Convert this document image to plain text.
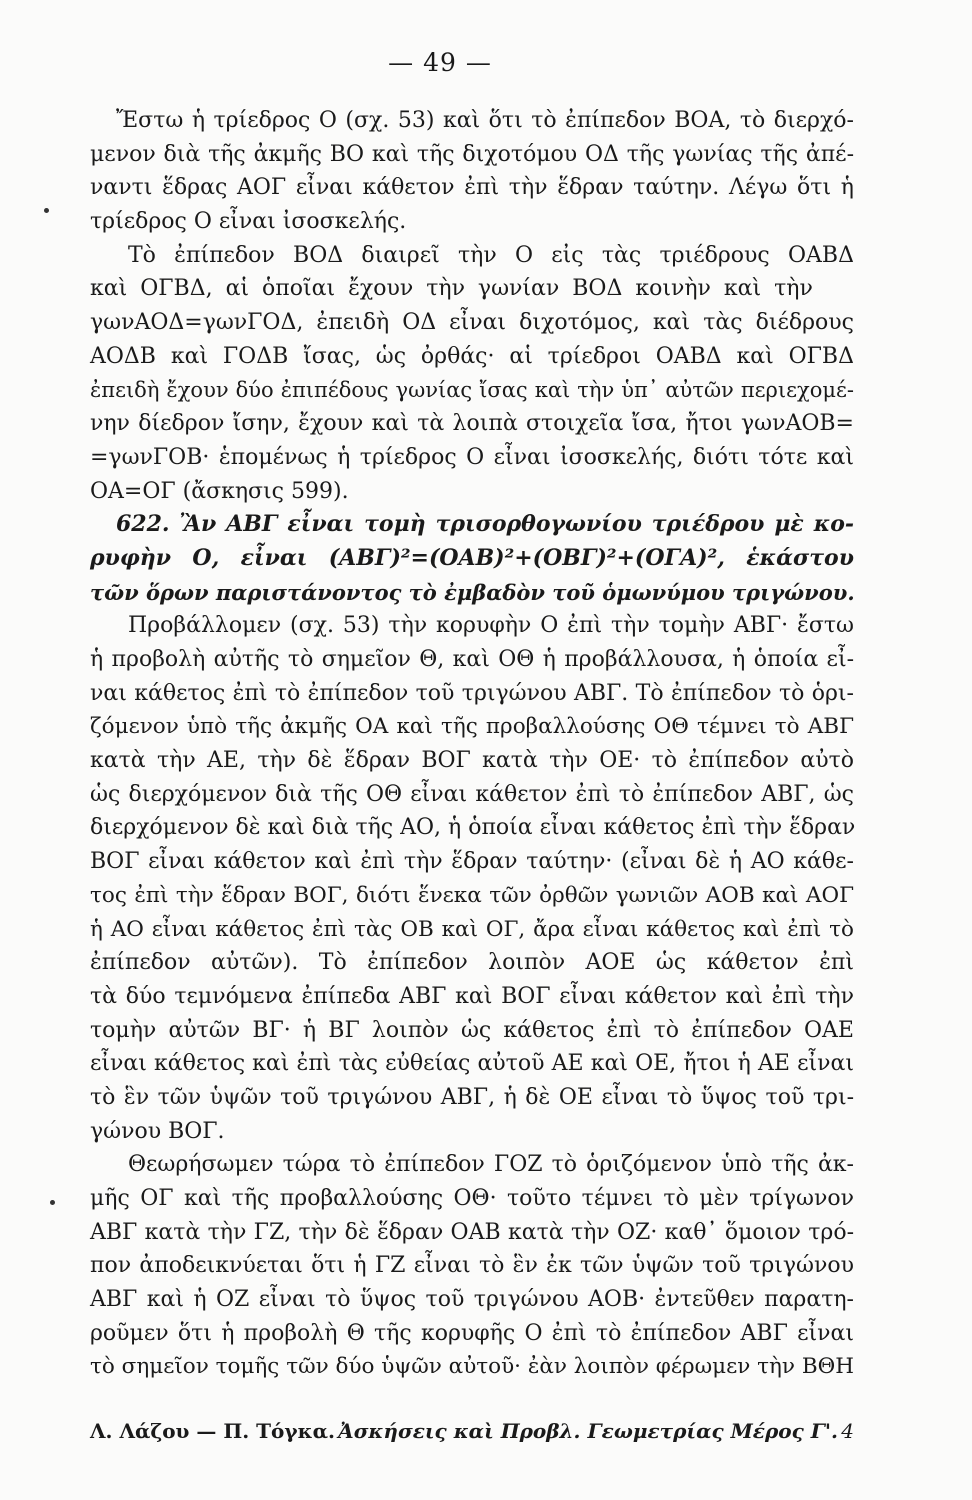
— 49 —
Ἔστω ἡ τρίεδρος Ο (σχ. 53) καὶ ὅτι τὸ ἐπίπεδον ΒΟΑ, τὸ διερχό-
μενον διὰ τῆς ἀκμῆς ΒΟ καὶ τῆς διχοτόμου ΟΔ τῆς γωνίας τῆς ἀπέ-
ναντι ἕδρας ΑΟΓ εἶναι κάθετον ἐπὶ τὴν ἕδραν ταύτην. Λέγω ὅτι ἡ
τρίεδρος Ο εἶναι ἰσοσκελής.
Τὸ ἐπίπεδον ΒΟΔ διαιρεῖ τὴν Ο εἰς τὰς τριέδρους ΟΑΒΔ
καὶ ΟΓΒΔ, αἱ ὁποῖαι ἔχουν τὴν γωνίαν ΒΟΔ κοινὴν καὶ τὴν
γωνΑΟΔ=γωνΓΟΔ, ἐπειδὴ ΟΔ εἶναι διχοτόμος, καὶ τὰς διέδρους
ΑΟΔΒ καὶ ΓΟΔΒ ἴσας, ὡς ὀρθάς· αἱ τρίεδροι ΟΑΒΔ καὶ ΟΓΒΔ
ἐπειδὴ ἔχουν δύο ἐπιπέδους γωνίας ἴσας καὶ τὴν ὑπ᾽ αὐτῶν περιεχομέ-
νην δίεδρον ἴσην, ἔχουν καὶ τὰ λοιπὰ στοιχεῖα ἴσα, ἤτοι γωνΑΟΒ=
=γωνΓΟΒ· ἑπομένως ἡ τρίεδρος Ο εἶναι ἰσοσκελής, διότι τότε καὶ
ΟΑ=ΟΓ (ἄσκησις 599).
622. Ἂν ΑΒΓ εἶναι τομὴ τρισορθογωνίου τριέδρου μὲ κο-
ρυφὴν Ο, εἶναι (ΑΒΓ)²=(ΟΑΒ)²+(ΟΒΓ)²+(ΟΓΑ)², ἑκάστου
τῶν ὅρων παριστάνοντος τὸ ἐμβαδὸν τοῦ ὁμωνύμου τριγώνου.
Προβάλλομεν (σχ. 53) τὴν κορυφὴν Ο ἐπὶ τὴν τομὴν ΑΒΓ· ἔστω
ἡ προβολὴ αὐτῆς τὸ σημεῖον Θ, καὶ ΟΘ ἡ προβάλλουσα, ἡ ὁποία εἶ-
ναι κάθετος ἐπὶ τὸ ἐπίπεδον τοῦ τριγώνου ΑΒΓ. Τὸ ἐπίπεδον τὸ ὁρι-
ζόμενον ὑπὸ τῆς ἀκμῆς ΟΑ καὶ τῆς προβαλλούσης ΟΘ τέμνει τὸ ΑΒΓ
κατὰ τὴν ΑΕ, τὴν δὲ ἕδραν ΒΟΓ κατὰ τὴν ΟΕ· τὸ ἐπίπεδον αὐτὸ
ὡς διερχόμενον διὰ τῆς ΟΘ εἶναι κάθετον ἐπὶ τὸ ἐπίπεδον ΑΒΓ, ὡς
διερχόμενον δὲ καὶ διὰ τῆς ΑΟ, ἡ ὁποία εἶναι κάθετος ἐπὶ τὴν ἕδραν
ΒΟΓ εἶναι κάθετον καὶ ἐπὶ τὴν ἕδραν ταύτην· (εἶναι δὲ ἡ ΑΟ κάθε-
τος ἐπὶ τὴν ἕδραν ΒΟΓ, διότι ἕνεκα τῶν ὀρθῶν γωνιῶν ΑΟΒ καὶ ΑΟΓ
ἡ ΑΟ εἶναι κάθετος ἐπὶ τὰς ΟΒ καὶ ΟΓ, ἄρα εἶναι κάθετος καὶ ἐπὶ τὸ
ἐπίπεδον αὐτῶν). Τὸ ἐπίπεδον λοιπὸν ΑΟΕ ὡς κάθετον ἐπὶ
τὰ δύο τεμνόμενα ἐπίπεδα ΑΒΓ καὶ ΒΟΓ εἶναι κάθετον καὶ ἐπὶ τὴν
τομὴν αὐτῶν ΒΓ· ἡ ΒΓ λοιπὸν ὡς κάθετος ἐπὶ τὸ ἐπίπεδον ΟΑΕ
εἶναι κάθετος καὶ ἐπὶ τὰς εὐθείας αὐτοῦ ΑΕ καὶ ΟΕ, ἤτοι ἡ ΑΕ εἶναι
τὸ ἓν τῶν ὑψῶν τοῦ τριγώνου ΑΒΓ, ἡ δὲ ΟΕ εἶναι τὸ ὕψος τοῦ τρι-
γώνου ΒΟΓ.
Θεωρήσωμεν τώρα τὸ ἐπίπεδον ΓΟΖ τὸ ὁριζόμενον ὑπὸ τῆς ἀκ-
μῆς ΟΓ καὶ τῆς προβαλλούσης ΟΘ· τοῦτο τέμνει τὸ μὲν τρίγωνον
ΑΒΓ κατὰ τὴν ΓΖ, τὴν δὲ ἕδραν ΟΑΒ κατὰ τὴν ΟΖ· καθ᾽ ὅμοιον τρό-
πον ἀποδεικνύεται ὅτι ἡ ΓΖ εἶναι τὸ ἓν ἐκ τῶν ὑψῶν τοῦ τριγώνου
ΑΒΓ καὶ ἡ ΟΖ εἶναι τὸ ὕψος τοῦ τριγώνου ΑΟΒ· ἐντεῦθεν παρατη-
ροῦμεν ὅτι ἡ προβολὴ Θ τῆς κορυφῆς Ο ἐπὶ τὸ ἐπίπεδον ΑΒΓ εἶναι
τὸ σημεῖον τομῆς τῶν δύο ὑψῶν αὐτοῦ· ἐὰν λοιπὸν φέρωμεν τὴν ΒΘΗ
Λ. Λάζου — Π. Τόγκα. Ἀσκήσεις καὶ Προβλ. Γεωμετρίας Μέρος Γ'. 4
